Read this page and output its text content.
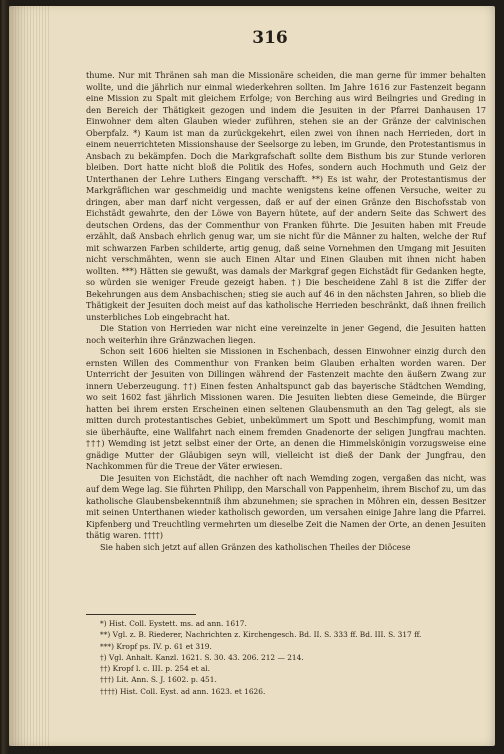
316

thume. Nur mit Thränen sah man die Missionäre scheiden, die man gerne für immer behalten wollte, und die jährlich nur einmal wiederkehren sollten. Im Jahre 1616 zur Fastenzeit begann eine Mission zu Spalt mit gleichem Erfolge; von Berching aus wird Beilngries und Greding in den Bereich der Thätigkeit gezogen und indem die Jesuiten in der Pfarrei Danhausen 17 Einwohner dem alten Glauben wieder zuführen, stehen sie an der Gränze der calvinischen Oberpfalz. *) Kaum ist man da zurückgekehrt, eilen zwei von ihnen nach Herrieden, dort in einem neuerrichteten Missionshause der Seelsorge zu leben, im Grunde, den Protestantismus in Ansbach zu bekämpfen. Doch die Markgrafschaft sollte dem Bisthum bis zur Stunde verloren bleiben. Dort hatte nicht bloß die Politik des Hofes, sondern auch Hochmuth und Geiz der Unterthanen der Lehre Luthers Eingang verschafft. **) Es ist wahr, der Protestantismus der Markgräflichen war geschmeidig und machte wenigstens keine offenen Versuche, weiter zu dringen, aber man darf nicht vergessen, daß er auf der einen Gränze den Bischofsstab von Eichstädt gewahrte, den der Löwe von Bayern hütete, auf der andern Seite das Schwert des deutschen Ordens, das der Commenthur von Franken führte. Die Jesuiten haben mit Freude erzählt, daß Ansbach ehrlich genug war, um sie nicht für die Männer zu halten, welche der Ruf mit schwarzen Farben schilderte, artig genug, daß seine Vornehmen den Umgang mit Jesuiten nicht verschmähten, wenn sie auch Einen Altar und Einen Glauben mit ihnen nicht haben wollten. ***) Hätten sie gewußt, was damals der Markgraf gegen Eichstädt für Gedanken hegte, so würden sie weniger Freude gezeigt haben. †) Die bescheidene Zahl 8 ist die Ziffer der Bekehrungen aus dem Ansbachischen; stieg sie auch auf 46 in den nächsten Jahren, so blieb die Thätigkeit der Jesuiten doch meist auf das katholische Herrieden beschränkt, daß ihnen freilich unsterbliches Lob eingebracht hat.

Die Station von Herrieden war nicht eine vereinzelte in jener Gegend, die Jesuiten hatten noch weiterhin ihre Gränzwachen liegen.

Schon seit 1606 hielten sie Missionen in Eschenbach, dessen Einwohner einzig durch den ernsten Willen des Commenthur von Franken beim Glauben erhalten worden waren. Der Unterricht der Jesuiten von Dillingen während der Fastenzeit machte den äußern Zwang zur innern Ueberzeugung. ††) Einen festen Anhaltspunct gab das bayerische Städtchen Wemding, wo seit 1602 fast jährlich Missionen waren. Die Jesuiten liebten diese Gemeinde, die Bürger hatten bei ihrem ersten Erscheinen einen seltenen Glaubensmuth an den Tag gelegt, als sie mitten durch protestantisches Gebiet, unbekümmert um Spott und Beschimpfung, womit man sie überhäufte, eine Wallfahrt nach einem fremden Gnadenorte der seligen Jungfrau machten. †††) Wemding ist jetzt selbst einer der Orte, an denen die Himmelskönigin vorzugsweise eine gnädige Mutter der Gläubigen seyn will, vielleicht ist dieß der Dank der Jungfrau, den Nachkommen für die Treue der Väter erwiesen.

Die Jesuiten von Eichstädt, die nachher oft nach Wemding zogen, vergaßen das nicht, was auf dem Wege lag. Sie führten Philipp, den Marschall von Pappenheim, ihrem Bischof zu, um das katholische Glaubensbekenntniß ihm abzunehmen; sie sprachen in Möhren ein, dessen Besitzer mit seinen Unterthanen wieder katholisch geworden, um versahen einige Jahre lang die Pfarrei. Kipfenberg und Treuchtling vermehrten um dieselbe Zeit die Namen der Orte, an denen Jesuiten thätig waren. ††††)

Sie haben sich jetzt auf allen Gränzen des katholischen Theiles der Diöcese

*) Hist. Coll. Eystett. ms. ad ann. 1617.
**) Vgl. z. B. Riederer, Nachrichten z. Kirchengesch. Bd. II. S. 333 ff. Bd. III. S. 317 ff.
***) Kropf ps. IV. p. 61 et 319.
†) Vgl. Anhalt. Kanzl. 1621. S. 30. 43. 206. 212 — 214.
††) Kropf l. c. III. p. 254 et al.
†††) Lit. Ann. S. J. 1602. p. 451.
††††) Hist. Coll. Eyst. ad ann. 1623. et 1626.
